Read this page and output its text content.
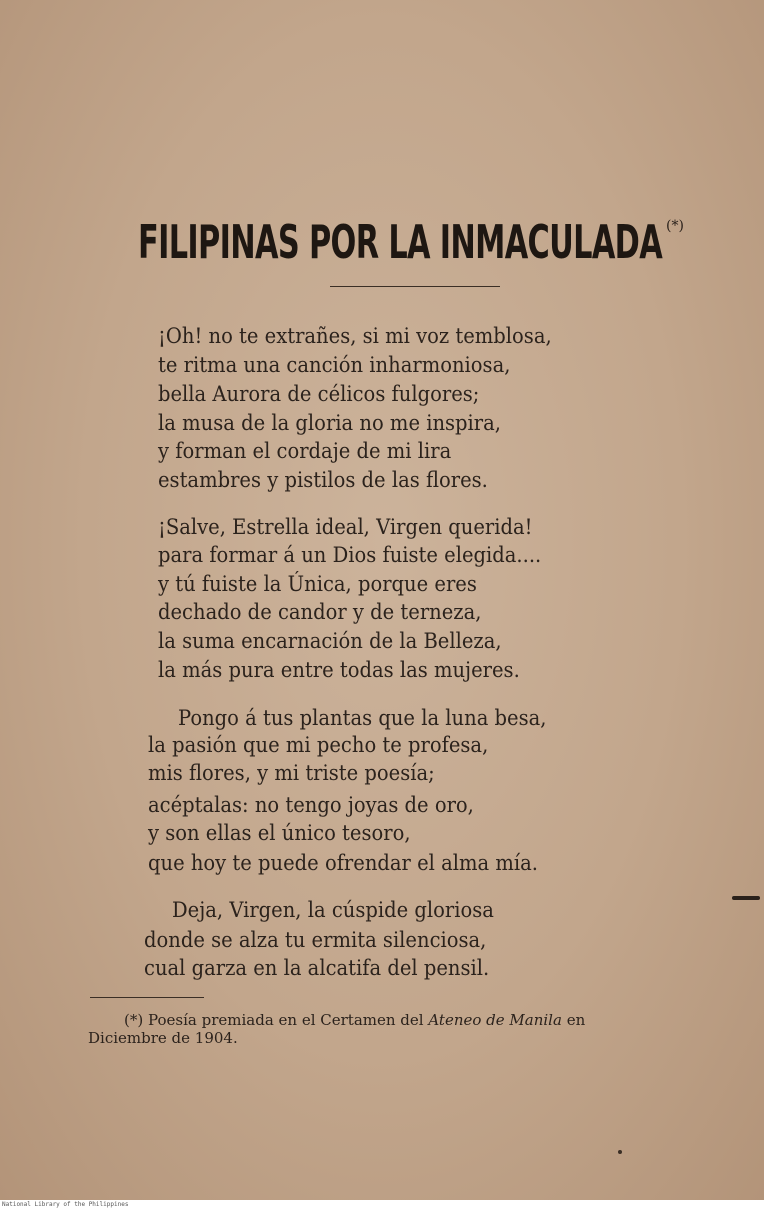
FILIPINAS POR LA INMACULADA (*)
¡Oh! no te extrañes, si mi voz temblosa,
te ritma una canción inharmoniosa,
bella Aurora de célicos fulgores;
la musa de la gloria no me inspira,
y forman el cordaje de mi lira
estambres y pistilos de las flores.
¡Salve, Estrella ideal, Virgen querida!
para formar á un Dios fuiste elegida....
y tú fuiste la Única, porque eres
dechado de candor y de terneza,
la suma encarnación de la Belleza,
la más pura entre todas las mujeres.
Pongo á tus plantas que la luna besa,
la pasión que mi pecho te profesa,
mis flores, y mi triste poesía;
acéptalas: no tengo joyas de oro,
y son ellas el único tesoro,
que hoy te puede ofrendar el alma mía.
Deja, Virgen, la cúspide gloriosa
donde se alza tu ermita silenciosa,
cual garza en la alcatifa del pensil.
(*) Poesía premiada en el Certamen del Ateneo de Manila en
Diciembre de 1904.
National Library of the Philippines
